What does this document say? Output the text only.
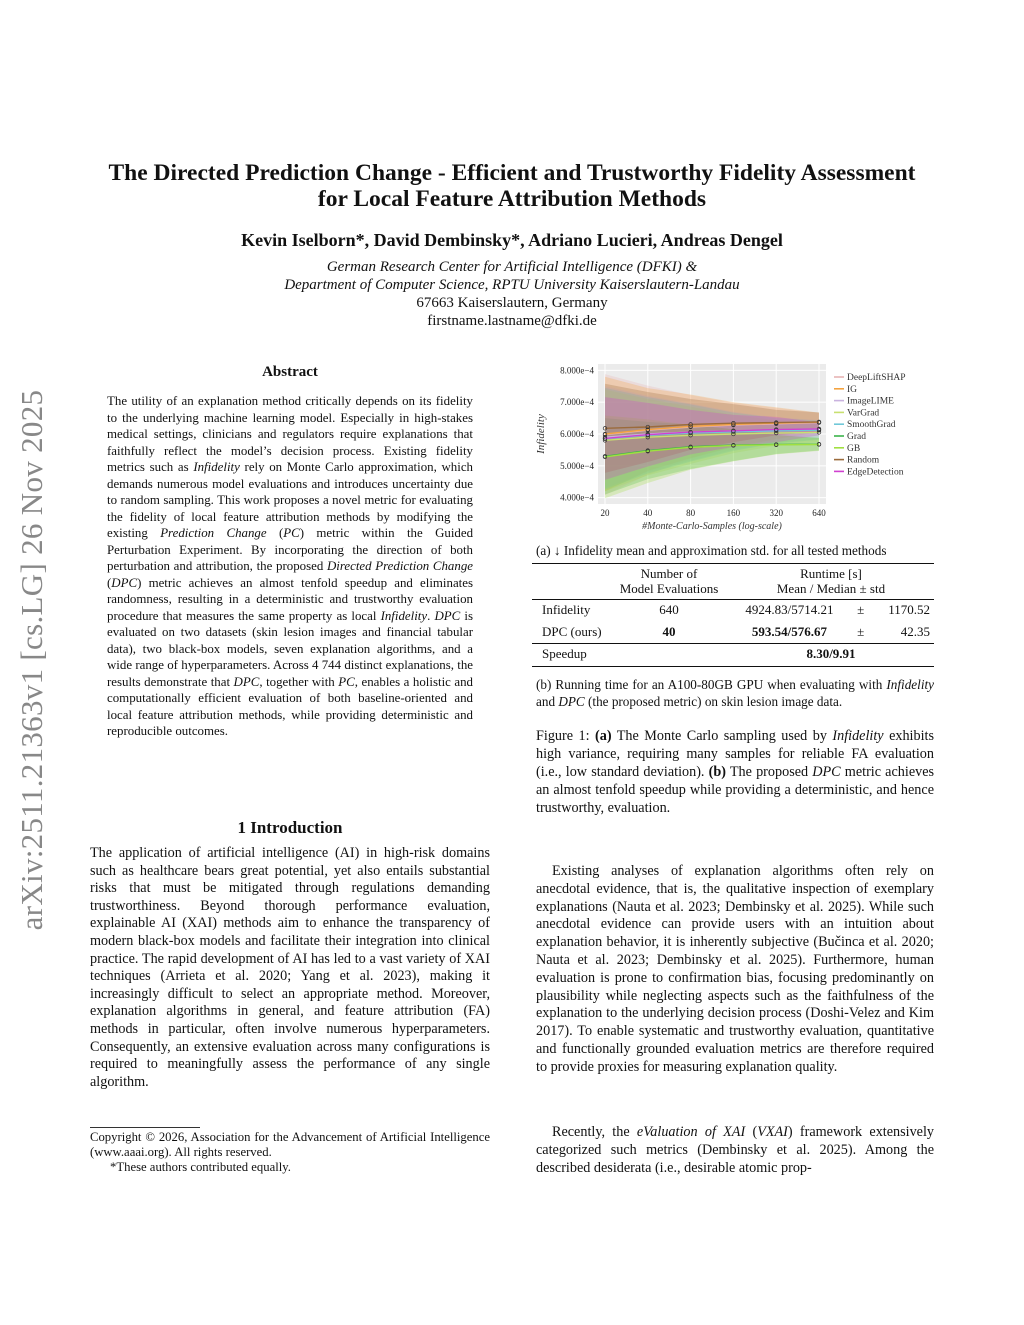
arXiv:2511.21363v1 [cs.LG] 26 Nov 2025
The Directed Prediction Change - Efficient and Trustworthy Fidelity Assessment
for Local Feature Attribution Methods
Kevin Iselborn*, David Dembinsky*, Adriano Lucieri, Andreas Dengel
German Research Center for Artificial Intelligence (DFKI) &
Department of Computer Science, RPTU University Kaiserslautern-Landau
67663 Kaiserslautern, Germany
firstname.lastname@dfki.de
Abstract
The utility of an explanation method critically depends on its fidelity to the underlying machine learning model. Especially in high-stakes medical settings, clinicians and regulators require explanations that faithfully reflect the model’s decision process. Existing fidelity metrics such as Infidelity rely on Monte Carlo approximation, which demands numerous model evaluations and introduces uncertainty due to random sampling. This work proposes a novel metric for evaluating the fidelity of local feature attribution methods by modifying the existing Prediction Change (PC) metric within the Guided Perturbation Experiment. By incorporating the direction of both perturbation and attribution, the proposed Directed Prediction Change (DPC) metric achieves an almost tenfold speedup and eliminates randomness, resulting in a deterministic and trustworthy evaluation procedure that measures the same property as local Infidelity. DPC is evaluated on two datasets (skin lesion images and financial tabular data), two black-box models, seven explanation algorithms, and a wide range of hyperparameters. Across 4 744 distinct explanations, the results demonstrate that DPC, together with PC, enables a holistic and computationally efficient evaluation of both baseline-oriented and local feature attribution methods, while providing deterministic and reproducible outcomes.
1 Introduction
The application of artificial intelligence (AI) in high-risk domains such as healthcare bears great potential, yet also entails substantial risks that must be mitigated through regulations demanding trustworthiness. Beyond thorough performance evaluation, explainable AI (XAI) methods aim to enhance the transparency of modern black-box models and facilitate their integration into clinical practice. The rapid development of AI has led to a vast variety of XAI techniques (Arrieta et al. 2020; Yang et al. 2023), making it increasingly difficult to select an appropriate method. Moreover, explanation algorithms in general, and feature attribution (FA) methods in particular, often involve numerous hyperparameters. Consequently, an extensive evaluation across many configurations is required to meaningfully assess the performance of any single algorithm.
Copyright © 2026, Association for the Advancement of Artificial Intelligence (www.aaai.org). All rights reserved.
*These authors contributed equally.
4.000e−4
5.000e−4
6.000e−4
7.000e−4
8.000e−4
20	40	80	160	320	640
#Monte-Carlo-Samples (log-scale)
Infidelity
DeepLiftSHAP
IG
ImageLIME
VarGrad
SmoothGrad
Grad
GB
Random
EdgeDetection
(a) ↓ Infidelity mean and approximation std. for all tested methods
	Number of
Model Evaluations	Runtime [s]
Mean / Median ± std		
Infidelity	640	4924.83/5714.21	±	1170.52
DPC (ours)	40	593.54/576.67	±	42.35
Speedup		8.30/9.91		
(b) Running time for an A100-80GB GPU when evaluating with Infidelity and DPC (the proposed metric) on skin lesion image data.
Figure 1: (a) The Monte Carlo sampling used by Infidelity exhibits high variance, requiring many samples for reliable FA evaluation (i.e., low standard deviation). (b) The proposed DPC metric achieves an almost tenfold speedup while providing a deterministic, and hence trustworthy, evaluation.
Existing analyses of explanation algorithms often rely on anecdotal evidence, that is, the qualitative inspection of exemplary explanations (Nauta et al. 2023; Dembinsky et al. 2025). While such anecdotal evidence can provide users with an intuition about explanation behavior, it is inherently subjective (Bučinca et al. 2020; Nauta et al. 2023; Dembinsky et al. 2025). Furthermore, human evaluation is prone to confirmation bias, focusing predominantly on plausibility while neglecting aspects such as the faithfulness of the explanation to the underlying decision process (Doshi-Velez and Kim 2017). To enable systematic and trustworthy evaluation, quantitative and functionally grounded evaluation metrics are therefore required to provide proxies for measuring explanation quality.
Recently, the eValuation of XAI (VXAI) framework extensively categorized such metrics (Dembinsky et al. 2025). Among the described desiderata (i.e., desirable atomic prop-
